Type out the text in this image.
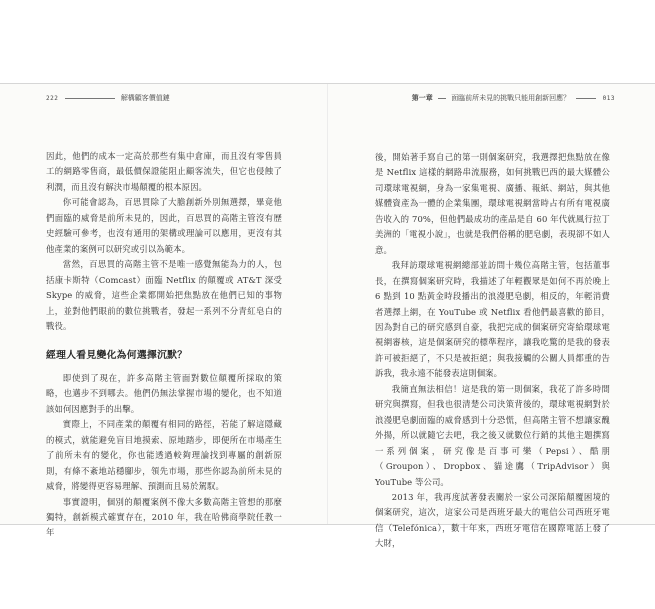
222	解構顧客價值鏈

因此，他們的成本一定高於那些有集中倉庫，而且沒有零售員工的網路零售商，最低價保證能阻止顧客流失，但它也侵蝕了利潤，而且沒有解決市場顛覆的根本原因。

你可能會認為，百思買除了大膽創新外別無選擇，畢竟他們面臨的威脅是前所未見的，因此，百思買的高階主管沒有歷史經驗可參考，也沒有通用的架構或理論可以應用，更沒有其他產業的案例可以研究或引以為範本。

當然，百思買的高階主管不是唯一感覺無能為力的人，包括康卡斯特（Comcast）面臨 Netflix 的顛覆或 AT&T 深受 Skype 的威脅，這些企業都開始把焦點放在他們已知的事物上，並對他們眼前的數位挑戰者，發起一系列不分青紅皂白的戰役。

經理人看見變化為何選擇沉默？

即使到了現在，許多高階主管面對數位顛覆所採取的策略，也邁步不到哪去。他們仍無法掌握市場的變化，也不知道該如何因應對手的出擊。

實際上，不同產業的顛覆有相同的路徑，若能了解這隱藏的模式，就能避免盲目地摸索、原地踏步，即便所在市場產生了前所未有的變化，你也能透過較夠理論找到專屬的創新原則，有條不紊地站穩腳步，領先市場，那些你認為前所未見的威脅，將變得更容易理解、預測而且易於駕馭。

事實證明，個別的顛覆案例不像大多數高階主管想的那麼獨特，創新模式確實存在，2010 年，我在哈佛商學院任教一年

第一章	面臨前所未見的挑戰只能用創新回應？	013

後，開始著手寫自己的第一則個案研究，我選擇把焦點放在像是 Netflix 這樣的網路串流服務，如何挑戰巴西的最大媒體公司環球電視網，身為一家集電視、廣播、報紙、網站，與其他媒體資產為一體的企業集團，環球電視網當時占有所有電視廣告收入的 70%，但他們最成功的產品是自 60 年代就風行拉丁美洲的「電視小說」，也就是我們俗稱的肥皂劇，表現卻不如人意。

我拜訪環球電視網總部並訪問十幾位高階主管，包括董事長，在撰寫個案研究時，我描述了年輕觀眾是如何不再於晚上 6 點到 10 點黃金時段播出的浪漫肥皂劇，相反的，年輕消費者選擇上網，在 YouTube 或 Netflix 看他們最喜歡的節目，因為對自己的研究感到自豪，我把完成的個案研究寄給環球電視網審核，這是個案研究的標準程序，讓我吃驚的是我的發表許可被拒絕了，不只是被拒絕；與我接觸的公關人員都重的告訴我，我永遠不能發表這則個案。

我簡直無法相信！這是我的第一則個案，我花了許多時間研究與撰寫，但我也很清楚公司決策背後的，環球電視網對於浪漫肥皂劇面臨的威脅感到十分恐慌，但高階主管不想讓家醜外揚，所以就隨它去吧，我之後又就數位行銷的其他主題撰寫一系列個案，研究像是百事可樂（Pepsi）、酷朋（Groupon）、Dropbox、貓途鷹（TripAdvisor）與 YouTube 等公司。

2013 年，我再度試著發表關於一家公司深陷顛覆困境的個案研究，這次，這家公司是西班牙最大的電信公司西班牙電信（Telefónica），數十年來，西班牙電信在國際電話上發了大財，
